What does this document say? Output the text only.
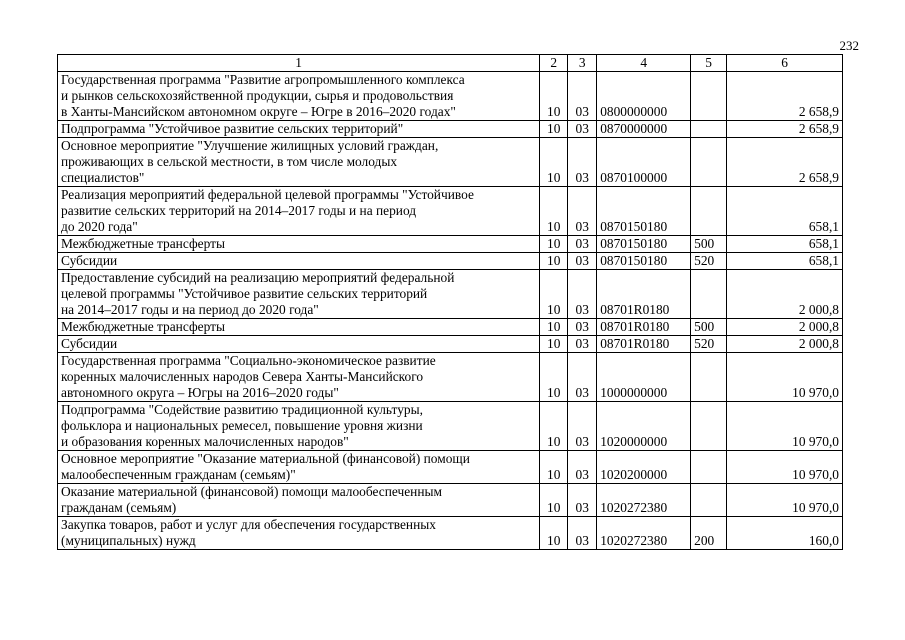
232
1	2	3	4	5	6
Государственная программа "Развитие агропромышленного комплекса
и рынков сельскохозяйственной продукции, сырья и продовольствия
в Ханты-Мансийском автономном округе – Югре в 2016–2020 годах"	10	03	0800000000		2 658,9
Подпрограмма "Устойчивое развитие сельских территорий"	10	03	0870000000		2 658,9
Основное мероприятие "Улучшение жилищных условий граждан,
проживающих в сельской местности, в том числе молодых
специалистов"	10	03	0870100000		2 658,9
Реализация мероприятий федеральной целевой программы "Устойчивое
развитие сельских территорий на 2014–2017 годы и на период
до 2020 года"	10	03	0870150180		658,1
Межбюджетные трансферты	10	03	0870150180	500	658,1
Субсидии	10	03	0870150180	520	658,1
Предоставление субсидий на реализацию мероприятий федеральной
целевой программы "Устойчивое развитие сельских территорий
на 2014–2017 годы и на период до 2020 года"	10	03	08701R0180		2 000,8
Межбюджетные трансферты	10	03	08701R0180	500	2 000,8
Субсидии	10	03	08701R0180	520	2 000,8
Государственная программа "Социально-экономическое развитие
коренных малочисленных народов Севера Ханты-Мансийского
автономного округа – Югры на 2016–2020 годы"	10	03	1000000000		10 970,0
Подпрограмма "Содействие развитию традиционной культуры,
фольклора и национальных ремесел, повышение уровня жизни
и образования коренных малочисленных народов"	10	03	1020000000		10 970,0
Основное мероприятие "Оказание материальной (финансовой) помощи
малообеспеченным гражданам (семьям)"	10	03	1020200000		10 970,0
Оказание материальной (финансовой) помощи малообеспеченным
гражданам (семьям)	10	03	1020272380		10 970,0
Закупка товаров, работ и услуг для обеспечения государственных
(муниципальных) нужд	10	03	1020272380	200	160,0
